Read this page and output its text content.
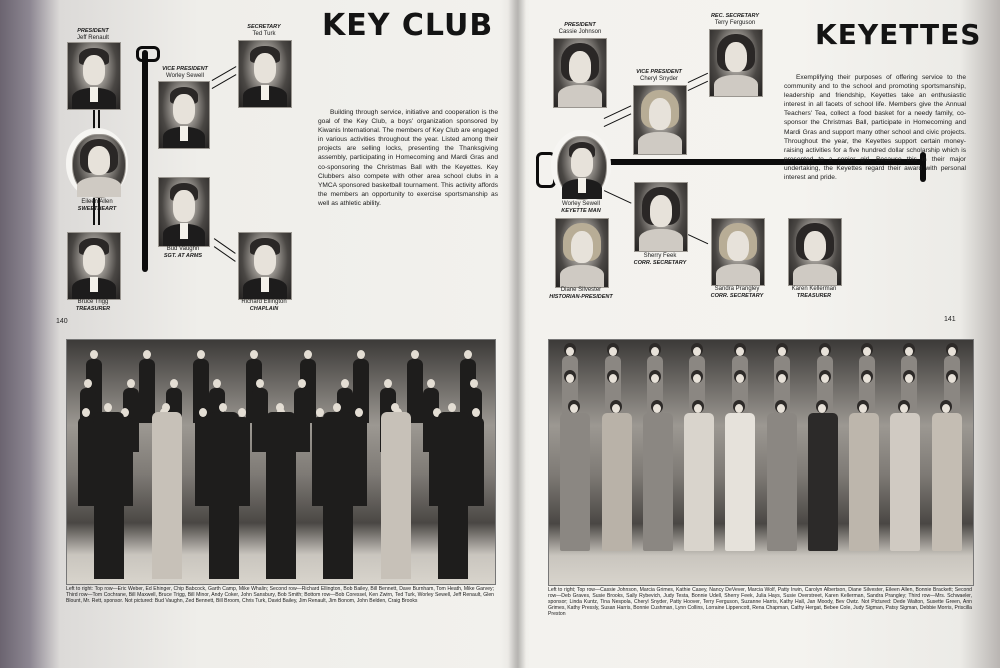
KEY CLUB
PRESIDENT
Jeff Renault
SECRETARY
Ted Turk
VICE PRESIDENT
Worley Sewell
Eileen Allen
SWEETHEART
Bud Vaughn
SGT. AT ARMS
Bruce Trigg
TREASURER
Richard Ellington
CHAPLAIN
Building through service, initiative and cooperation is the goal of the Key Club, a boys' organization sponsored by Kiwanis International. The members of Key Club are engaged in various activities throughout the year. Listed among their projects are selling locks, presenting the Thanksgiving assembly, participating in Homecoming and Mardi Gras and co-sponsoring the Christmas Ball with the Keyettes. Key Clubbers also compete with other area school clubs in a YMCA sponsored basketball tournament. This activity affords the members an opportunity to exercise sportsmanship as well as athletic ability.
140
Left to right: Top row—Eric Weber, Ed Ehinger, Chip Babcock, Garth Camp, Mike Whalin; Second row—Richard Ellington, Bob Bailey, Bill Bennett, Dave Burnham, Tom Heath, Mike Garvey; Third row—Tom Cochrane, Bill Maxwell, Bruce Trigg, Bill Minor, Andy Coker, John Sansbury, Bob Smith; Bottom row—Bob Coressel, Ken Zwirn, Ted Turk, Worley Sewell, Jeff Renault, Glen Blount, Mr. Rett, sponsor. Not pictured: Bud Vaughn, Zed Bennett, Bill Broom, Chris Turk, David Bailey, Jim Renault, Jim Bonom, John Belden, Craig Brooks
KEYETTES
PRESIDENT
Cassie Johnson
REC. SECRETARY
Terry Ferguson
VICE PRESIDENT
Cheryl Snyder
Worley Sewell
KEYETTE MAN
Sherry Feek
CORR. SECRETARY
Diane Silvester
HISTORIAN-PRESIDENT
Sandra Prangley
CORR. SECRETARY
Karen Kellerman
TREASURER
Exemplifying their purposes of offering service to the community and to the school and promoting sportsmanship, leadership and friendship, Keyettes take an enthusiastic interest in all facets of school life. Members give the Annual Teachers' Tea, collect a food basket for a needy family, co-sponsor the Christmas Ball, participate in Homecoming and Mardi Gras and support many other school and civic projects. Throughout the year, the Keyettes support certain money-raising activities for a five hundred dollar scholarship which is presented to a senior girl. Because this is their major undertaking, the Keyettes regard their award with personal interest and pride.
141
Left to right; Top row—Cassie Johnson, Marcia Grimes, Kathie Casey, Nancy DeVever, Marcia Wolf, Patty Irwin, Carolyn Albertson, Diane Silvester, Eileen Allen, Bonnie Brackett; Second row—Deb Graves, Susie Brooks, Sally Rybevich, Judy Testa, Bonnie Udell, Sherry Feek, Julia Hays, Susie Overstreet, Karen Kellerman, Sandra Prangley; Third row—Mrs. Schwaeler, sponsor; Linda Kuntz, Tina Nespola, Cheryl Snyder, Patty Hoover, Terry Ferguson, Suzanne Harris, Kathy Hall, Jan Moody, Bev Owtz. Not Pictured: Dede Walton, Susette Green, Ann Grimes, Kathy Pressly, Susan Harris, Bonnie Cushman, Lynn Collins, Lorraine Lippencott, Rena Chapman, Cathy Hergat, Bebee Cole, Judy Sigman, Patsy Sigman, Debbie Morris, Priscilla Preston
